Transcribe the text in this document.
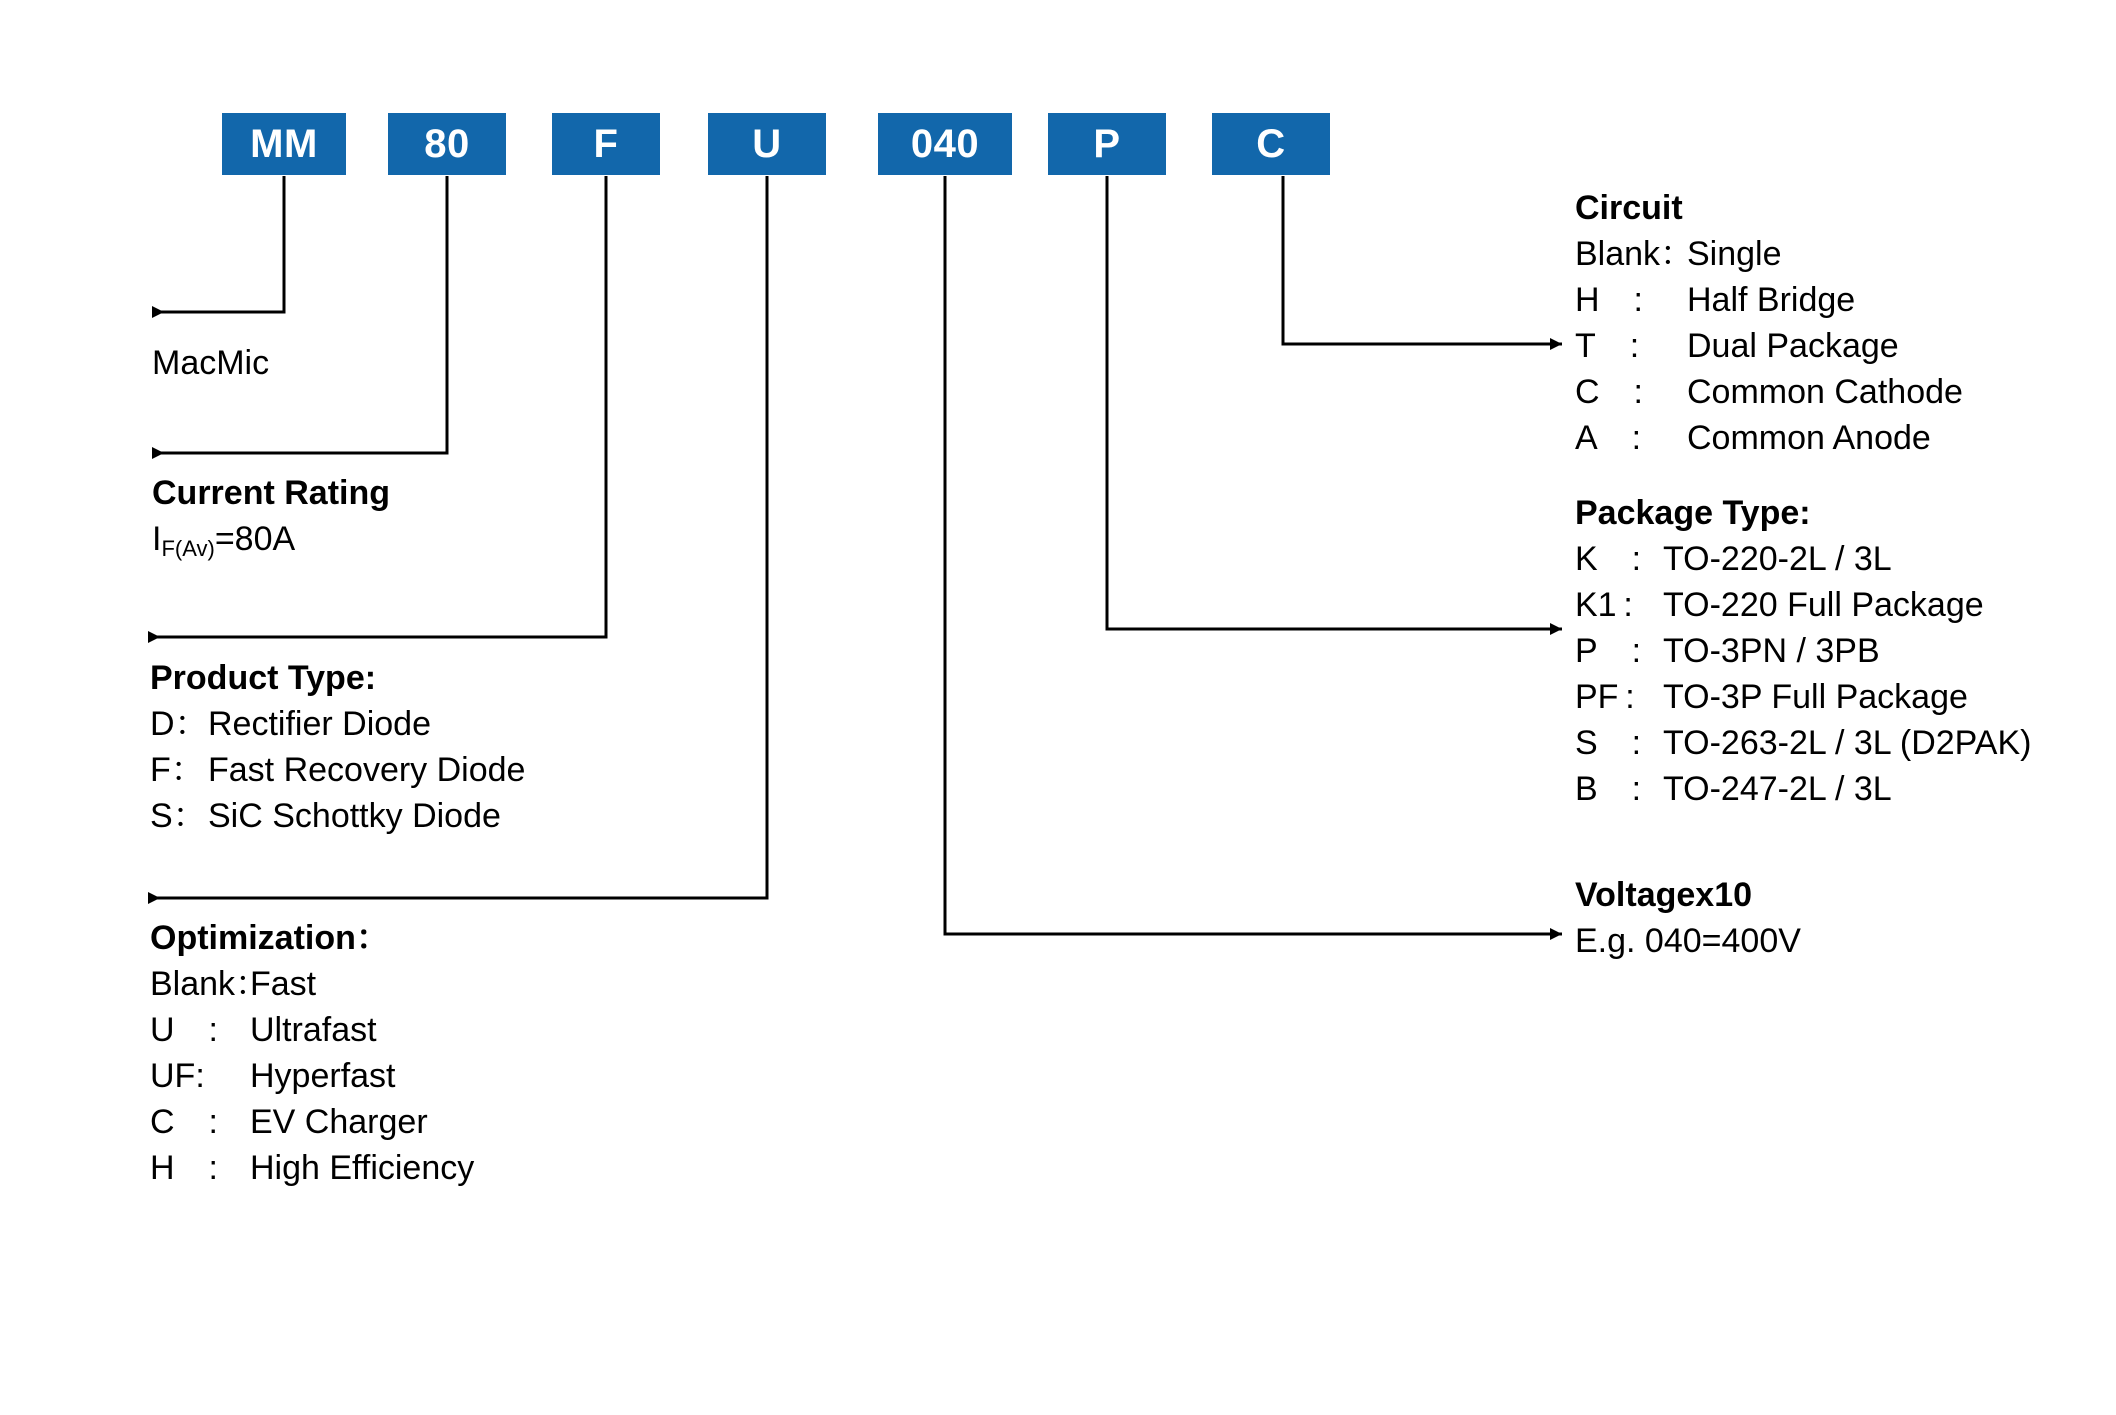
MM	80	F	U	040	P	C
MacMic
Current Rating
$I_{F(Av)}=80A$
Product Type:
D：Rectifier Diode
F：Fast Recovery Diode
S：SiC Schottky Diode
Optimization：
Blank：Fast
U : Ultrafast
UF: Hyperfast
C : EV Charger
H : High Efficiency
Circuit
Blank：Single
H : Half Bridge
T : Dual Package
C : Common Cathode
A : Common Anode
Package Type:
K : TO-220-2L / 3L
K1 : TO-220 Full Package
P : TO-3PN / 3PB
PF : TO-3P Full Package
S : TO-263-2L / 3L (D2PAK)
B : TO-247-2L / 3L
Voltagex10
E.g. 040=400V
